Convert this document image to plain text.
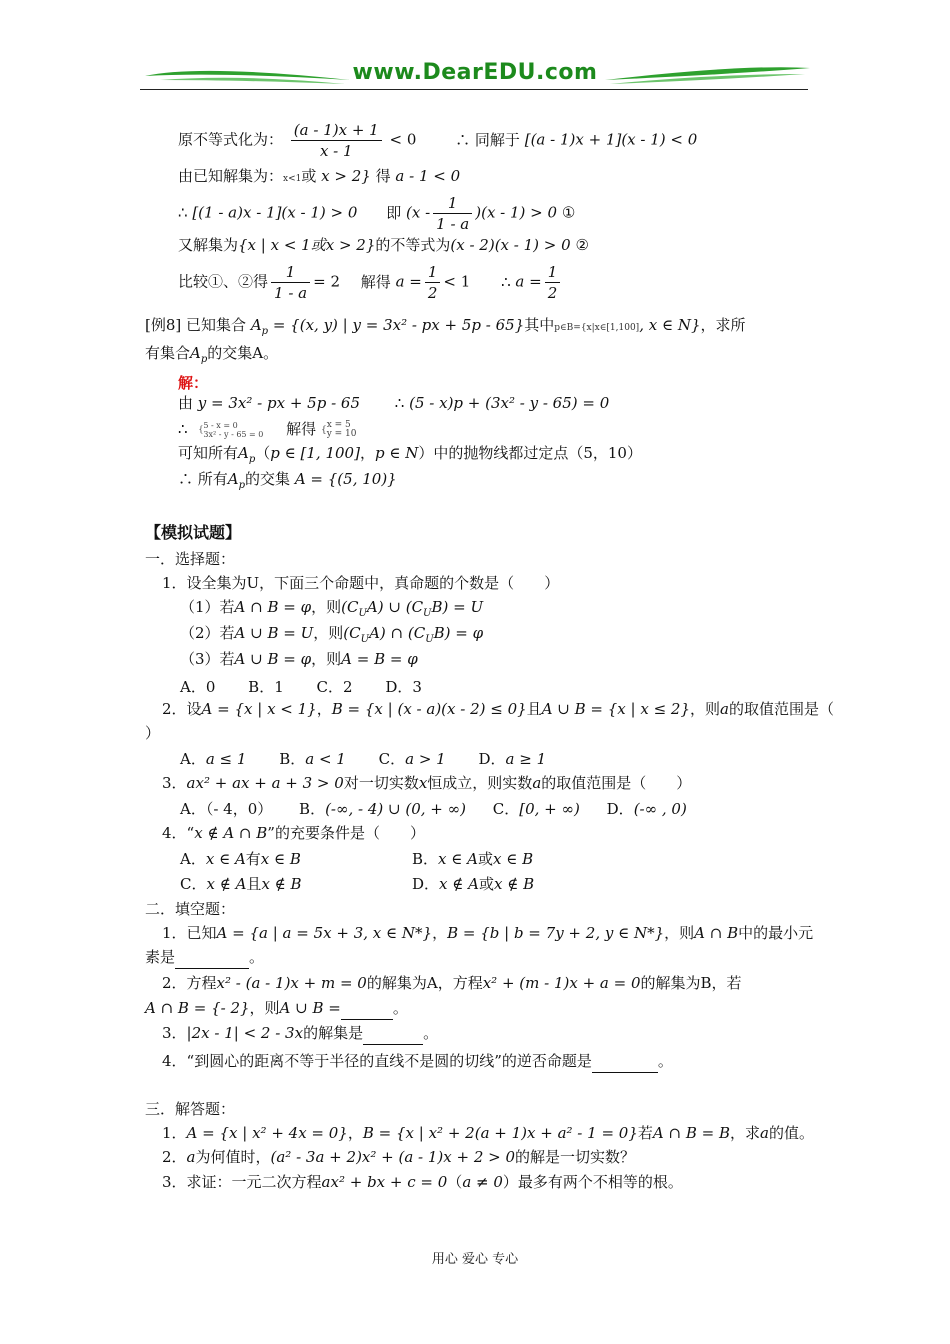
www.DearEDU.com
原不等式化为： $\frac{(a - 1)x + 1}{x - 1} < 0$	∴ 同解于 [(a - 1)x + 1](x - 1) < 0
由已知解集为：x<1或 x > 2} 得 a - 1 < 0
∴ [(1 - a)x - 1](x - 1) > 0 即 $(x - \frac{1}{1 - a} )(x - 1) > 0$ ①
又解集为{x | x < 1或x > 2}的不等式为(x - 2)(x - 1) > 0 ②
比较①、②得 $\frac{1}{1 - a} = 2$ 解得 $a = \frac{1}{2} < 1$ ∴ $a = \frac{1}{2}$
[例8] 已知集合 $A_p = \{(x$, y) | y = 3x² - px + 5p - 65}其中p∈B={x|x∈[1,100], x ∈ N}，求所
有集合$A_p$的交集A。
解：
由 y = 3x² - px + 5p - 65 ∴ (5 - x)p + (3x² - y - 65) = 0
∴ { 5 - x = 0
3x² - y - 65 = 0 解得 {
x = 5
y = 10
可知所有$A_p(p$ ∈ [1, 100]，p ∈ N）中的抛物线都过定点（5，10）
∴ 所有$A_p$的交集 A = {(5, 10)}
【模拟试题】
一．选择题：
1．设全集为U，下面三个命题中，真命题的个数是（　　）
（1）若A ∩ B = φ，则$(C_UA)$ ∪ $(C_UB) = U$
（2）若A ∪ B = U，则$(C_UA)$ ∩ $(C_UB) = \varphi$
（3）若A ∪ B = φ，则A = B = φ
A．0 B．1 C．2 D．3
2．设A = {x | x < 1}，B = {x | (x - a)(x - 2) ≤ 0}且A ∪ B = {x | x ≤ 2}，则a的取值范围是（
）
A．a ≤ 1 B．a < 1 C．a > 1 D．a ≥ 1
3．ax² + ax + a + 3 > 0对一切实数x恒成立，则实数a的取值范围是（　　）
A．（- 4，0） B．(-∞, - 4) ∪ (0, + ∞) C．[0, + ∞) D．(-∞ , 0)
4．“x ∉ A ∩ B”的充要条件是（　　）
A．x ∈ A有x ∈ B	B．x ∈ A或x ∈ B
C．x ∉ A且x ∉ B	D．x ∉ A或x ∉ B
二．填空题：
1．已知A = {a | a = 5x + 3, x ∈ N*}，B = {b | b = 7y + 2, y ∈ N*}，则A ∩ B中的最小元
素是	。
2．方程x² - (a - 1)x + m = 0的解集为A，方程x² + (m - 1)x + a = 0的解集为B，若
A ∩ B = {- 2}，则A ∪ B =	。
3．|2x - 1| < 2 - 3x的解集是	。
4．“到圆心的距离不等于半径的直线不是圆的切线”的逆否命题是	。
三．解答题：
1．A = {x | x² + 4x = 0}，B = {x | x² + 2(a + 1)x + a² - 1 = 0}若A ∩ B = B，求a的值。
2．a为何值时，(a² - 3a + 2)x² + (a - 1)x + 2 > 0的解是一切实数？
3．求证：一元二次方程ax² + bx + c = 0（a ≠ 0）最多有两个不相等的根。
用心 爱心 专心
